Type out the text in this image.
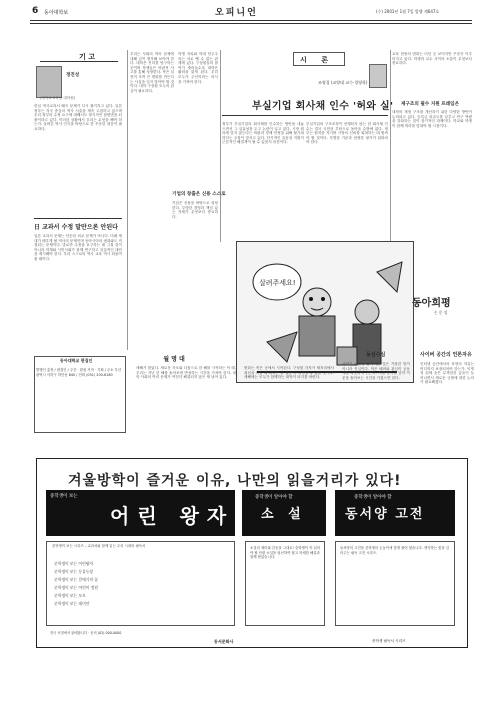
6 동아대학보	오피니언	(수) 2001년 1월 7일 발행 제647호
기 고
정진성
(법학과 2학년·대학원)
한일 역사교과서 왜곡 문제가 다시 불거지고 있다. 일본 정부는 자국 중심의 역사 서술을 계속 고집하고 있으며 우리 정부의 수정 요구에 대해서도 형식적인 답변만을 되풀이하고 있다. 이러한 상황에서 우리는 무엇을 해야 하는가. 올바른 역사 인식을 바탕으로 한 꾸준한 대응이 필요하다.
日 교과서 수정 말만으론 안된다
일본 교과서 문제는 단순한 외교 문제가 아니다. 미래 세대가 배우게 될 역사의 문제이며 동아시아의 평화와도 직결되는 문제이다. 말로만 수정을 요구하는 데 그칠 것이 아니라 학계와 시민사회가 함께 연구하고 실질적인 대안을 제시해야 한다. 우리 스스로의 역사 교육 역시 되돌아볼 때이다.
우리는 사회의 여러 문제에 대해 깊이 생각해 보아야 한다. 대학은 진리를 탐구하는 곳이며 학생들은 비판적 사고를 통해 성장한다. 작은 실천이 모여 큰 변화를 만든다는 사실을 잊지 말아야 할 것이다. 대학 구성원 모두의 관심이 필요하다.
학생 자치와 학내 민주주의는 서로 뗄 수 없는 관계에 있다. 구성원들의 참여가 줄어들수록 대학은 활력을 잃게 된다. 우리 모두가 주인이라는 의식을 가져야 한다.
기업의 창출은 신용 스스로
기업은 신용을 바탕으로 성장한다. 투명한 경영과 책임 있는 자세가 무엇보다 중요하다.
시 론
조영경 (교양대 교수·경영학)
부실기업 회사채 인수 '허와 실'
정부가 부실기업의 회사채를 인수하는 방안을 내놓으면서 그 실효성을 두고 논란이 일고 있다. 시장 원리에 맞지 않는다는 비판과 경제 안정을 위해 불가피하다는 주장이 맞서고 있다. 단기적인 유동성 지원이 근본적인 해결책이 될 수 있을지 의문이다.
부실기업의 구조조정이 선행되지 않는 한 회사채 인수는 결국 국민의 부담으로 돌아올 수밖에 없다. 정부는 원칙을 지키며 시장의 신뢰를 회복하는 데 힘써야 할 것이다. 투명한 기준과 엄정한 평가가 뒤따라야 한다.
교육 현장의 변화는 더딘 듯 보이지만 꾸준히 이루어지고 있다. 학생과 교수 사이의 소통이 무엇보다 중요하다.
재구조의 필수 지원 프레임은
대학의 재정 구조를 개선하기 위한 다양한 방안이 논의되고 있다. 등록금 의존도를 낮추고 연구 역량을 강화하는 것이 장기적인 과제이다. 학교와 학생이 함께 머리를 맞대야 할 시점이다.
살려주세요!
동아희평
손 문 성
동아대학교 편집인
발행인 총장 / 편집인 / 주간 · 편집 기자 · 기획 / 주소 부산광역시 사하구 하단동 840 / 전화 (051) 200-6180
월 명 대
새해가 밝았다. 새로운 각오와 다짐으로 한 해를 시작하는 이 때, 우리는 지난 한 해를 돌아보며 반성하는 시간을 가져야 한다. 대학 사회의 여러 문제가 여전히 해결되지 않은 채 남아 있다.
변화는 작은 곳에서 시작된다. 구성원 각자가 제자리에서 최선을 다할 때 대학은 한 걸음 더 나아갈 수 있을 것이다. 새해에는 모두가 함께하는 대학이 되기를 바란다.
동심수심	사이버 공간의 언론자유
사람의 마음을 움직이는 것은 거창한 말이 아니라 진심이다. 작은 배려와 관심이 공동체를 따뜻하게 만든다. 겨울 방학을 맞아 이웃을 돌아보는 시간을 가졌으면 한다.
인터넷 공간에서의 표현의 자유는 어디까지 보장되어야 하는가. 익명성 뒤에 숨은 무책임한 글들이 늘어나면서 새로운 규범에 대한 논의가 필요해졌다.
겨울방학이 즐거운 이유, 나만의 읽을거리가 있다!
중학생이 보는
어린 왕자
중학생이 알아야 할
소 설
중학생이 알아야 할
동서양 고전
중학생이 보는 시리즈 – 교과서와 함께 읽는 우리 시대의 필독서
중학생이 보는 어린왕자
중학생이 보는 동물농장
중학생이 보는 갈매기의 꿈
중학생이 보는 어린이 정원
중학생이 보는 모모
중학생이 보는 데미안
소설의 재미와 감동을 그대로! 중학생이 꼭 읽어야 할 단편 소설을 엄선하여 쉽고 자세한 해설과 함께 담았습니다.
동서양의 고전을 중학생의 눈높이에 맞게 풀어 썼습니다. 생각하는 힘을 길러주는 필독 고전 시리즈.
전국 서점에서 판매합니다 · 문의 (02) 000-0000
동서문화사	중학생 필독서 시리즈
